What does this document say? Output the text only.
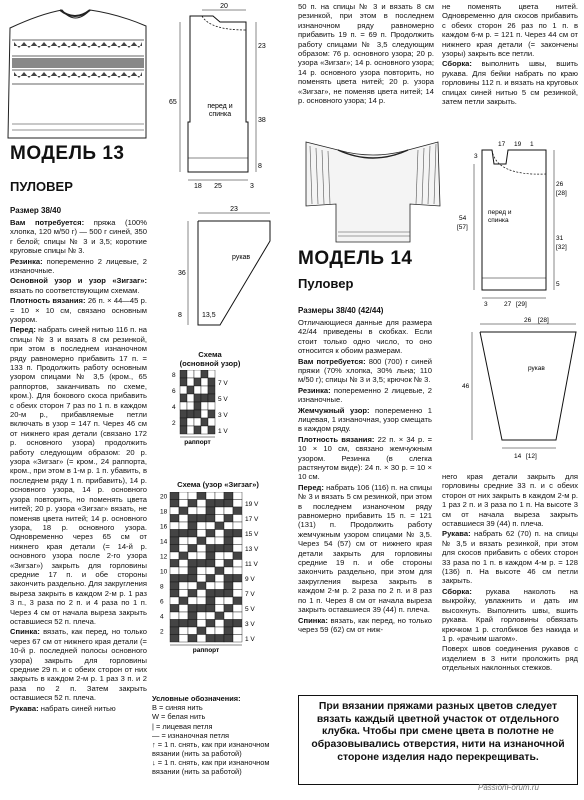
МОДЕЛЬ 13
ПУЛОВЕР
Размер 38/40

Вам потребуется: пряжа (100% хлопка, 120 м/50 г) — 500 г синей, 350 г белой; спицы № 3 и 3,5; короткие круговые спицы № 3.

Резинка: попеременно 2 лицевые, 2 изнаночные.

Основной узор и узор «Зигзаг»: вязать по соответствующим схемам.

Плотность вязания: 26 п. × 44—45 р. = 10 × 10 см, связано основным узором.

Перед: набрать синей нитью 116 п. на спицы № 3 и вязать 8 см резинкой, при этом в последнем изнаночном ряду равномерно прибавить 17 п. = 133 п. Продолжить работу основным узором спицами № 3,5 (кром., 65 раппортов, заканчивать по схеме, кром.). Для бокового скоса прибавить с обеих сторон 7 раз по 1 п. в каждом 20-м р., прибавляемые петли включать в узор = 147 п. Через 46 см от нижнего края детали (связано 172 р. основного узора) продолжить работу следующим образом: 20 р. узора «Зигзаг» (= кром., 24 раппорта, кром., при этом в 1-м р. 1 п. убавить, в последнем ряду 1 п. прибавить), 14 р. основного узора, 14 р. основного узора повторить, но поменять цвета нитей; 20 р. узора «Зигзаг» вязать, не поменяв цвета нитей; 14 р. основного узора, 18 р. основного узора. Одновременно через 65 см от нижнего края детали (= 14-й р. основного узора после 2-го узора «Зигзаг») закрыть для горловины средние 17 п. и обе стороны закончить раздельно. Для закругления выреза закрыть в каждом 2-м р. 1 раз 3 п., 3 раза по 2 п. и 4 раза по 1 п. Через 4 см от начала выреза закрыть оставшиеся 52 п. плеча.

Спинка: вязать, как перед, но только через 67 см от нижнего края детали (= 10-й р. последней полосы основного узора) закрыть для горловины средние 29 п. и с обеих сторон от них закрыть в каждом 2-м р. 1 раз 3 п. и 2 раза по 2 п. Затем закрыть оставшиеся 52 п. плеча.

Рукава: набрать синей нитью

20
23
65
38
8
25	3
18
перед и спинка
23
36
8	13,5
рукав
Схема
(основной узор)
8
6
4
2
7 V
5 V
3 V
1 V
раппорт
Схема (узор «Зигзаг»)
20
18
16
14
12
10
8
6
4
2
19 V
17 V
15 V
13 V
11 V
9 V
7 V
5 V
3 V
1 V
раппорт
Условные обозначения:
B = синяя нить
W = белая нить
| = лицевая петля
— = изнаночная петля
↑ = 1 п. снять, как при изнаночном вязании (нить за работой)
↓ = 1 п. снять, как при изнаночном вязании (нить за работой)

50 п. на спицы № 3 и вязать 8 см резинкой, при этом в последнем изнаночном ряду равномерно прибавить 19 п. = 69 п. Продолжить работу спицами № 3,5 следующим образом: 76 р. основного узора; 20 р. узора «Зигзаг»; 14 р. основного узора; 14 р. основного узора повторить, но поменять цвета нитей; 20 р. узора «Зигзаг», не поменяв цвета нитей; 14 р. основного узора; 14 р.

не поменять цвета нитей. Одновременно для скосов прибавить с обеих сторон 26 раз по 1 п. в каждом 6-м р. = 121 п. Через 44 см от нижнего края детали (= закончены узоры) закрыть все петли.

Сборка: выполнить швы, вшить рукава. Для бейки набрать по краю горловины 112 п. и вязать на круговых спицах синей нитью 5 см резинкой, затем петли закрыть.

МОДЕЛЬ 14
Пуловер
Размеры 38/40 (42/44)

Отличающиеся данные для размера 42/44 приведены в скобках. Если стоит только одно число, то оно относится к обоим размерам.

Вам потребуется: 800 (700) г синей пряжи (70% хлопка, 30% льна; 110 м/50 г); спицы № 3 и 3,5; крючок № 3.

Резинка: попеременно 2 лицевые, 2 изнаночные.

Жемчужный узор: попеременно 1 лицевая, 1 изнаночная, узор смещать в каждом ряду.

Плотность вязания: 22 п. × 34 р. = 10 × 10 см, связано жемчужным узором. Резинка (в слегка растянутом виде): 24 п. × 30 р. = 10 × 10 см.

Перед: набрать 106 (116) п. на спицы № 3 и вязать 5 см резинкой, при этом в последнем изнаночном ряду равномерно прибавить 15 п. = 121 (131) п. Продолжить работу жемчужным узором спицами № 3,5. Через 54 (57) см от нижнего края детали закрыть для горловины средние 19 п. и обе стороны закончить раздельно, при этом для закругления выреза закрыть в каждом 2-м р. 2 раза по 2 п. и 8 раз по 1 п. Через 8 см от начала выреза закрыть оставшиеся 39 (44) п. плеча.

Спинка: вязать, как перед, но только через 59 (62) см от ниж-

него края детали закрыть для горловины средние 33 п. и с обеих сторон от них закрыть в каждом 2-м р. 1 раз 2 п. и 3 раза по 1 п. На высоте 3 см от начала выреза закрыть оставшиеся 39 (44) п. плеча.

Рукава: набрать 62 (70) п. на спицы № 3,5 и вязать резинкой, при этом для скосов прибавить с обеих сторон 33 раза по 1 п. в каждом 4-м р. = 128 (136) п. На высоте 46 см петли закрыть.

Сборка: рукава наколоть на выкройку, увлажнить и дать им высохнуть. Выполнить швы, вшить рукава. Край горловины обвязать крючком 1 р. столбиков без накида и 1 р. «рачьим шагом».

Поверх швов соединения рукавов с изделием в 3 нити проложить ряд отдельных наклонных стежков.

17 19 1
3
26
[28]
54
[57]
31
[32]
5
27 [29]
3
перед и спинка
26 [28]
46
14 [12]
рукав
При вязании пряжами разных цветов следует вязать каждый цветной участок от отдельного клубка. Чтобы при смене цвета в полотне не образовывались отверстия, нити на изнаночной стороне изделия надо перекрещивать.
PassionForum.ru
